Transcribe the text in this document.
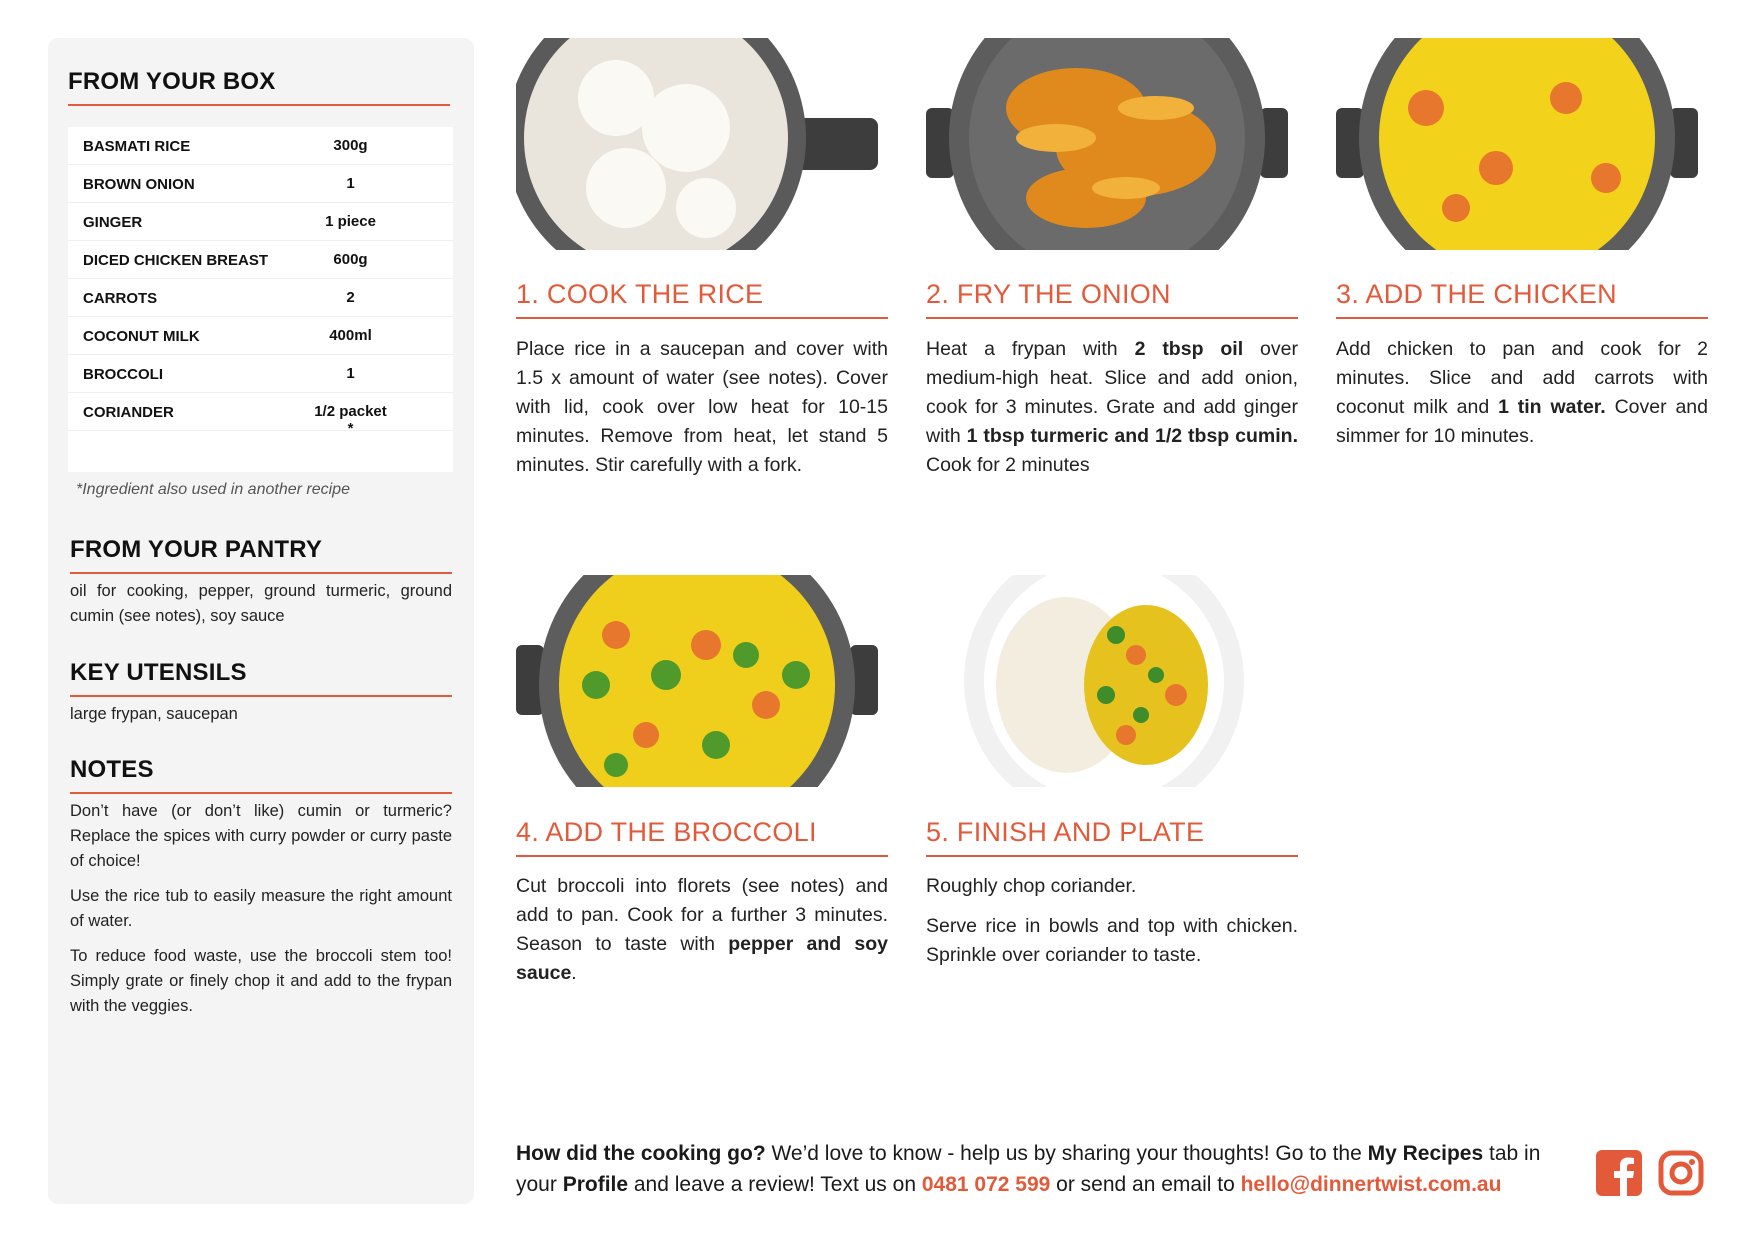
FROM YOUR BOX
BASMATI RICE	300g
BROWN ONION	1
GINGER	1 piece
DICED CHICKEN BREAST	600g
CARROTS	2
COCONUT MILK	400ml
BROCCOLI	1
CORIANDER	1/2 packet *
*Ingredient also used in another recipe
FROM YOUR PANTRY
oil for cooking, pepper, ground turmeric, ground cumin (see notes), soy sauce
KEY UTENSILS
large frypan, saucepan
NOTES

Don’t have (or don’t like) cumin or turmeric? Replace the spices with curry powder or curry paste of choice!

Use the rice tub to easily measure the right amount of water.

To reduce food waste, use the broccoli stem too! Simply grate or finely chop it and add to the frypan with the veggies.

1. COOK THE RICE

Place rice in a saucepan and cover with 1.5 x amount of water (see notes). Cover with lid, cook over low heat for 10-15 minutes. Remove from heat, let stand 5 minutes. Stir carefully with a fork.

2. FRY THE ONION

Heat a frypan with 2 tbsp oil over medium-high heat. Slice and add onion, cook for 3 minutes. Grate and add ginger with 1 tbsp turmeric and 1/2 tbsp cumin. Cook for 2 minutes

3. ADD THE CHICKEN

Add chicken to pan and cook for 2 minutes. Slice and add carrots with coconut milk and 1 tin water. Cover and simmer for 10 minutes.

4. ADD THE BROCCOLI

Cut broccoli into florets (see notes) and add to pan. Cook for a further 3 minutes. Season to taste with pepper and soy sauce.

5. FINISH AND PLATE

Roughly chop coriander.

Serve rice in bowls and top with chicken. Sprinkle over coriander to taste.

How did the cooking go? We’d love to know - help us by sharing your thoughts! Go to the My Recipes tab in your Profile and leave a review! Text us on 0481 072 599 or send an email to hello@dinnertwist.com.au
